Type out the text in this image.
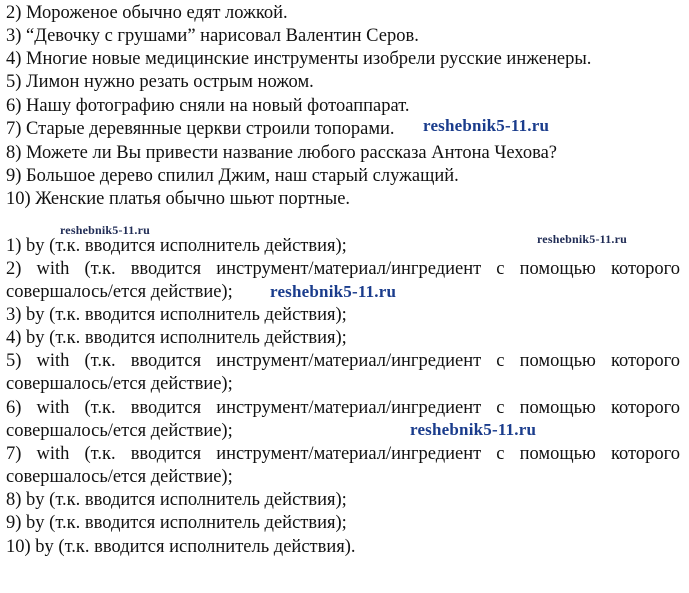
2) Мороженое обычно едят ложкой.
3) “Девочку с грушами” нарисовал Валентин Серов.
4) Многие новые медицинские инструменты изобрели русские инженеры.
5) Лимон нужно резать острым ножом.
6) Нашу фотографию сняли на новый фотоаппарат.
7) Старые деревянные церкви строили топорами.
8) Можете ли Вы привести название любого рассказа Антона Чехова?
9) Большое дерево спилил Джим, наш старый служащий.
10) Женские платья обычно шьют портные.
1) by (т.к. вводится исполнитель действия);
2) with (т.к. вводится инструмент/материал/ингредиент с помощью которого
совершалось/ется действие);
3) by (т.к. вводится исполнитель действия);
4) by (т.к. вводится исполнитель действия);
5) with (т.к. вводится инструмент/материал/ингредиент с помощью которого
совершалось/ется действие);
6) with (т.к. вводится инструмент/материал/ингредиент с помощью которого
совершалось/ется действие);
7) with (т.к. вводится инструмент/материал/ингредиент с помощью которого
совершалось/ется действие);
8) by (т.к. вводится исполнитель действия);
9) by (т.к. вводится исполнитель действия);
10) by (т.к. вводится исполнитель действия).
reshebnik5-11.ru
reshebnik5-11.ru
reshebnik5-11.ru
reshebnik5-11.ru
reshebnik5-11.ru
